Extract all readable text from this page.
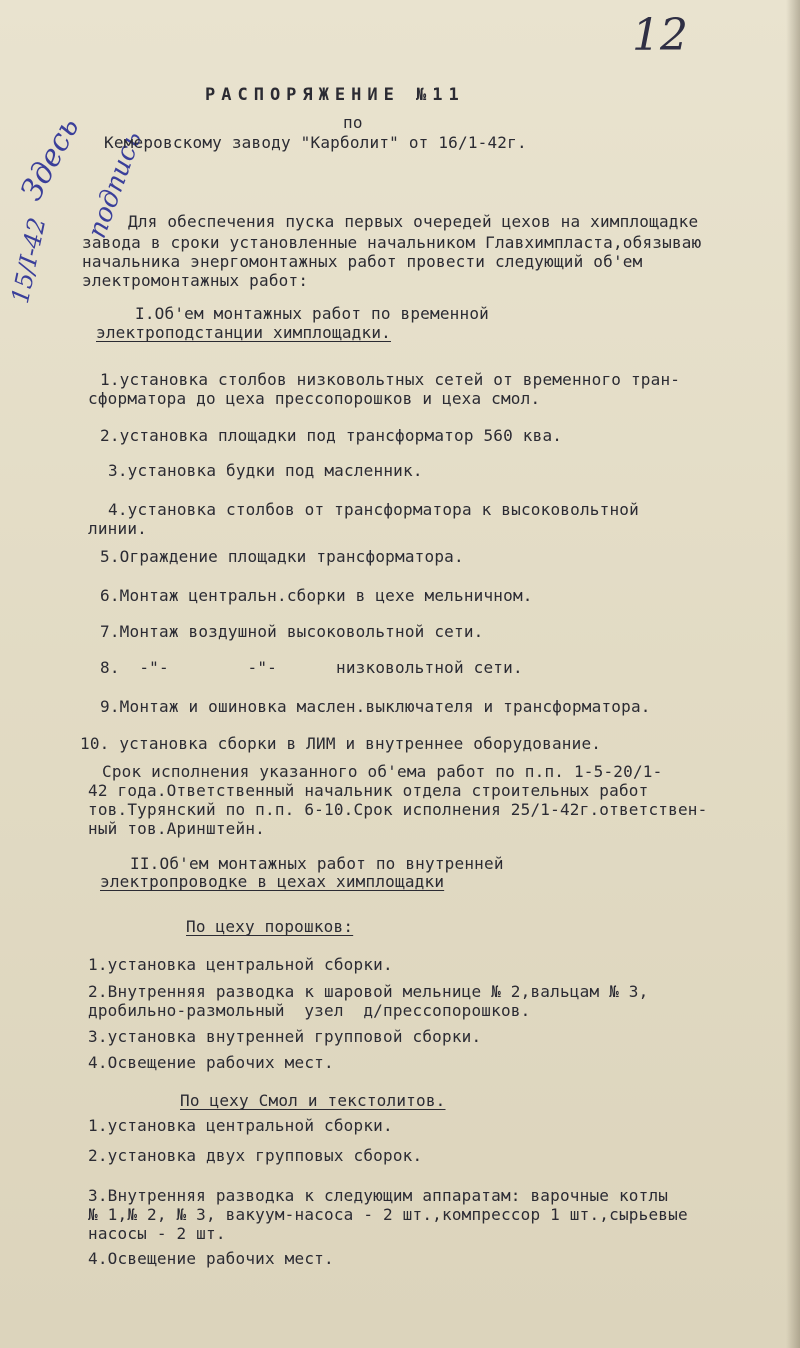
12
Здесь
15/I-42
подпись
РАСПОРЯЖЕНИЕ №11
по
Кемеровскому заводу "Карболит" от 16/1-42г.
Для обеспечения пуска первых очередей цехов на химплощадке
завода в сроки установленные начальником Главхимпласта,обязываю
начальника энергомонтажных работ провести следующий об'ем
электромонтажных работ:
I.Об'ем монтажных работ по временной
электроподстанции химплощадки.
1.установка столбов низковольтных сетей от временного тран-
сформатора до цеха прессопорошков и цеха смол.
2.установка площадки под трансформатор 560 ква.
3.установка будки под масленник.
4.установка столбов от трансформатора к высоковольтной
линии.
5.Ограждение площадки трансформатора.
6.Монтаж центральн.сборки в цехе мельничном.
7.Монтаж воздушной высоковольтной сети.
8.  -"-        -"-      низковольтной сети.
9.Монтаж и ошиновка маслен.выключателя и трансформатора.
10. установка сборки в ЛИМ и внутреннее оборудование.
Срок исполнения указанного об'ема работ по п.п. 1-5-20/1-
42 года.Ответственный начальник отдела строительных работ
тов.Турянский по п.п. 6-10.Срок исполнения 25/1-42г.ответствен-
ный тов.Аринштейн.
II.Об'ем монтажных работ по внутренней
электропроводке в цехах химплощадки
По цеху порошков:
1.установка центральной сборки.
2.Внутренняя разводка к шаровой мельнице № 2,вальцам № 3,
дробильно-размольный  узел  д/прессопорошков.
3.установка внутренней групповой сборки.
4.Освещение рабочих мест.
По цеху Смол и текстолитов.
1.установка центральной сборки.
2.установка двух групповых сборок.
3.Внутренняя разводка к следующим аппаратам: варочные котлы
№ 1,№ 2, № 3, вакуум-насоса - 2 шт.,компрессор 1 шт.,сырьевые
насосы - 2 шт.
4.Освещение рабочих мест.
